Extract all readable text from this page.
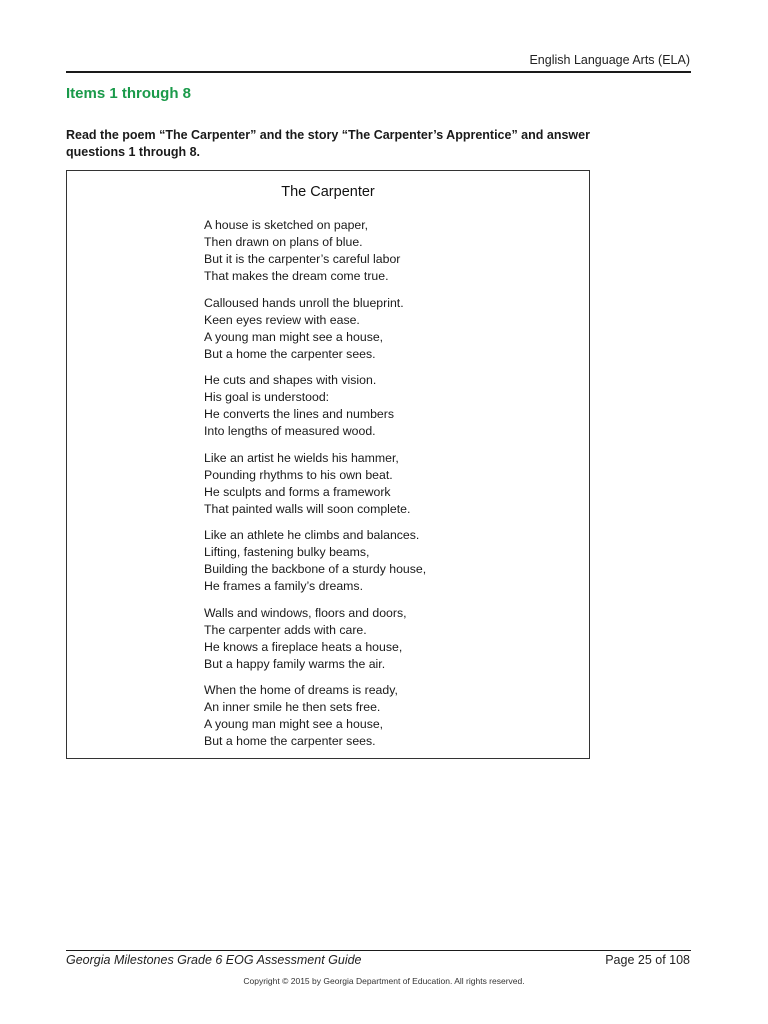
English Language Arts (ELA)
Items 1 through 8
Read the poem “The Carpenter” and the story “The Carpenter’s Apprentice” and answer questions 1 through 8.
The Carpenter
A house is sketched on paper,
Then drawn on plans of blue.
But it is the carpenter’s careful labor
That makes the dream come true.
Calloused hands unroll the blueprint.
Keen eyes review with ease.
A young man might see a house,
But a home the carpenter sees.
He cuts and shapes with vision.
His goal is understood:
He converts the lines and numbers
Into lengths of measured wood.
Like an artist he wields his hammer,
Pounding rhythms to his own beat.
He sculpts and forms a framework
That painted walls will soon complete.
Like an athlete he climbs and balances.
Lifting, fastening bulky beams,
Building the backbone of a sturdy house,
He frames a family’s dreams.
Walls and windows, floors and doors,
The carpenter adds with care.
He knows a fireplace heats a house,
But a happy family warms the air.
When the home of dreams is ready,
An inner smile he then sets free.
A young man might see a house,
But a home the carpenter sees.
Georgia Milestones Grade 6 EOG Assessment Guide	Page 25 of 108
Copyright © 2015 by Georgia Department of Education. All rights reserved.
